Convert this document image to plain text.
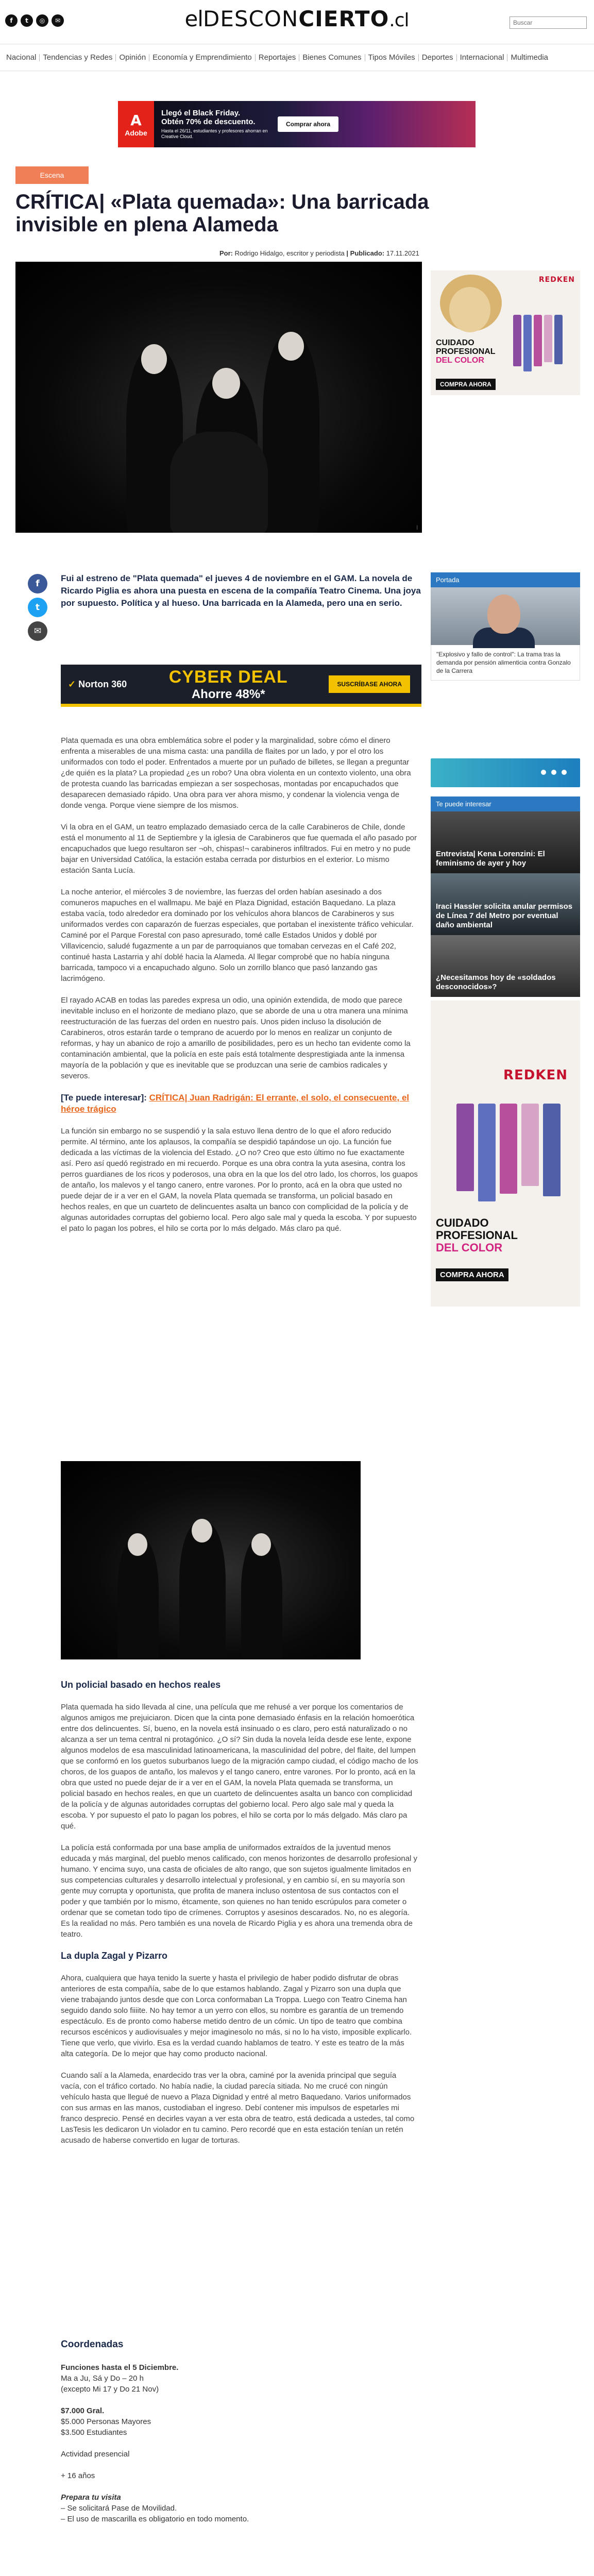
f	t	◎	✉	el DESCON CIERTO .cl
Buscar
Nacional Tendencias y Redes Opinión Economía y Emprendimiento Reportajes Bienes Comunes Tipos Móviles Deportes Internacional Multimedia
A
Adobe
Llegó el Black Friday.
Obtén 70% de descuento.
Hasta el 26/11, estudiantes y profesores ahorran en Creative Cloud.
Comprar ahora
Escena
CRÍTICA| «Plata quemada»: Una barricada invisible en plena Alameda
Por: Rodrigo Hidalgo, escritor y periodista | Publicado: 17.11.2021
|
REDKEN
CUIDADO
PROFESIONAL
DEL COLOR
COMPRA AHORA
f
t
✉

Fui al estreno de "Plata quemada" el jueves 4 de noviembre en el GAM. La novela de Ricardo Piglia es ahora una puesta en escena de la compañía Teatro Cinema. Una joya por supuesto. Política y al hueso. Una barricada en la Alameda, pero una en serio.

Portada
"Explosivo y fallo de control": La trama tras la demanda por pensión alimenticia contra Gonzalo de la Carrera
✓ Norton 360	CYBER DEAL
Ahorre 48%*
SUSCRÍBASE AHORA
Te puede interesar
Entrevista| Kena Lorenzini: El feminismo de ayer y hoy
Iraci Hassler solicita anular permisos de Línea 7 del Metro por eventual daño ambiental
¿Necesitamos hoy de «soldados desconocidos»?
REDKEN
CUIDADO
PROFESIONAL
DEL COLOR
COMPRA AHORA

Plata quemada es una obra emblemática sobre el poder y la marginalidad, sobre cómo el dinero enfrenta a miserables de una misma casta: una pandilla de flaites por un lado, y por el otro los uniformados con todo el poder. Enfrentados a muerte por un puñado de billetes, se llegan a preguntar ¿de quién es la plata? La propiedad ¿es un robo? Una obra violenta en un contexto violento, una obra de protesta cuando las barricadas empiezan a ser sospechosas, montadas por encapuchados que desaparecen demasiado rápido. Una obra para ver ahora mismo, y condenar la violencia venga de donde venga. Porque viene siempre de los mismos.

Vi la obra en el GAM, un teatro emplazado demasiado cerca de la calle Carabineros de Chile, donde está el monumento al 11 de Septiembre y la iglesia de Carabineros que fue quemada el año pasado por encapuchados que luego resultaron ser ¬oh, chispas!¬ carabineros infiltrados. Fui en metro y no pude bajar en Universidad Católica, la estación estaba cerrada por disturbios en el exterior. Lo mismo estación Santa Lucía.

La noche anterior, el miércoles 3 de noviembre, las fuerzas del orden habían asesinado a dos comuneros mapuches en el wallmapu. Me bajé en Plaza Dignidad, estación Baquedano. La plaza estaba vacía, todo alrededor era dominado por los vehículos ahora blancos de Carabineros y sus uniformados verdes con caparazón de fuerzas especiales, que portaban el inexistente tráfico vehicular. Caminé por el Parque Forestal con paso apresurado, tomé calle Estados Unidos y doblé por Villavicencio, saludé fugazmente a un par de parroquianos que tomaban cervezas en el Café 202, continué hasta Lastarria y ahí doblé hacia la Alameda. Al llegar comprobé que no había ninguna barricada, tampoco vi a encapuchado alguno. Solo un zorrillo blanco que pasó lanzando gas lacrimógeno.

El rayado ACAB en todas las paredes expresa un odio, una opinión extendida, de modo que parece inevitable incluso en el horizonte de mediano plazo, que se aborde de una u otra manera una mínima reestructuración de las fuerzas del orden en nuestro país. Unos piden incluso la disolución de Carabineros, otros estarán tarde o temprano de acuerdo por lo menos en realizar un conjunto de reformas, y hay un abanico de rojo a amarillo de posibilidades, pero es un hecho tan evidente como la contaminación ambiental, que la policía en este país está totalmente desprestigiada ante la inmensa mayoría de la población y que es inevitable que se produzcan una serie de cambios radicales y severos.

[Te puede interesar]: CRÍTICA| Juan Radrigán: El errante, el solo, el consecuente, el héroe trágico

La función sin embargo no se suspendió y la sala estuvo llena dentro de lo que el aforo reducido permite. Al término, ante los aplausos, la compañía se despidió tapándose un ojo. La función fue dedicada a las víctimas de la violencia del Estado. ¿O no? Creo que esto último no fue exactamente así. Pero así quedó registrado en mi recuerdo. Porque es una obra contra la yuta asesina, contra los perros guardianes de los ricos y poderosos, una obra en la que los del otro lado, los chorros, los guapos de antaño, los malevos y el tango canero, entre varones. Por lo pronto, acá en la obra que usted no puede dejar de ir a ver en el GAM, la novela Plata quemada se transforma, un policial basado en hechos reales, en que un cuarteto de delincuentes asalta un banco con complicidad de la policía y de algunas autoridades corruptas del gobierno local. Pero algo sale mal y queda la escoba. Y por supuesto el pato lo pagan los pobres, el hilo se corta por lo más delgado. Más claro pa qué.

Un policial basado en hechos reales

Plata quemada ha sido llevada al cine, una película que me rehusé a ver porque los comentarios de algunos amigos me prejuiciaron. Dicen que la cinta pone demasiado énfasis en la relación homoerótica entre dos delincuentes. Sí, bueno, en la novela está insinuado o es claro, pero está naturalizado o no alcanza a ser un tema central ni protagónico. ¿O sí? Sin duda la novela leída desde ese lente, expone algunos modelos de esa masculinidad latinoamericana, la masculinidad del pobre, del flaite, del lumpen que se conformó en los guetos suburbanos luego de la migración campo ciudad, el código macho de los choros, de los guapos de antaño, los malevos y el tango canero, entre varones. Por lo pronto, acá en la obra que usted no puede dejar de ir a ver en el GAM, la novela Plata quemada se transforma, un policial basado en hechos reales, en que un cuarteto de delincuentes asalta un banco con complicidad de la policía y de algunas autoridades corruptas del gobierno local. Pero algo sale mal y queda la escoba. Y por supuesto el pato lo pagan los pobres, el hilo se corta por lo más delgado. Más claro pa qué.

La policía está conformada por una base amplia de uniformados extraídos de la juventud menos educada y más marginal, del pueblo menos calificado, con menos horizontes de desarrollo profesional y humano. Y encima suyo, una casta de oficiales de alto rango, que son sujetos igualmente limitados en sus competencias culturales y desarrollo intelectual y profesional, y en cambio sí, en su mayoría son gente muy corrupta y oportunista, que profita de manera incluso ostentosa de sus contactos con el poder y que también por lo mismo, étcamente, son quienes no han tenido escrúpulos para cometer o ordenar que se cometan todo tipo de crímenes. Corruptos y asesinos descarados. No, no es alegoría. Es la realidad no más. Pero también es una novela de Ricardo Piglia y es ahora una tremenda obra de teatro.

La dupla Zagal y Pizarro

Ahora, cualquiera que haya tenido la suerte y hasta el privilegio de haber podido disfrutar de obras anteriores de esta compañía, sabe de lo que estamos hablando. Zagal y Pizarro son una dupla que viene trabajando juntos desde que con Lorca conformaban La Troppa. Luego con Teatro Cinema han seguido dando solo fiiiite. No hay temor a un yerro con ellos, su nombre es garantía de un tremendo espectáculo. Es de pronto como haberse metido dentro de un cómic. Un tipo de teatro que combina recursos escénicos y audiovisuales y mejor imaginesolo no más, si no lo ha visto, imposible explicarlo. Tiene que verlo, que vivirlo. Esa es la verdad cuando hablamos de teatro. Y este es teatro de la más alta categoría. De lo mejor que hay como producto nacional.

Cuando salí a la Alameda, enardecido tras ver la obra, caminé por la avenida principal que seguía vacía, con el tráfico cortado. No había nadie, la ciudad parecía sitiada. No me crucé con ningún vehículo hasta que llegué de nuevo a Plaza Dignidad y entré al metro Baquedano. Varios uniformados con sus armas en las manos, custodiaban el ingreso. Debí contener mis impulsos de espetarles mi franco desprecio. Pensé en decirles vayan a ver esta obra de teatro, está dedicada a ustedes, tal como LasTesis les dedicaron Un violador en tu camino. Pero recordé que en esta estación tenían un retén acusado de haberse convertido en lugar de torturas.

Coordenadas
Funciones hasta el 5 Diciembre.
Ma a Ju, Sá y Do – 20 h
(excepto Mi 17 y Do 21 Nov)
$7.000 Gral.
$5.000 Personas Mayores
$3.500 Estudiantes
Actividad presencial
+ 16 años
Prepara tu visita
– Se solicitará Pase de Movilidad.
– El uso de mascarilla es obligatorio en todo momento.
